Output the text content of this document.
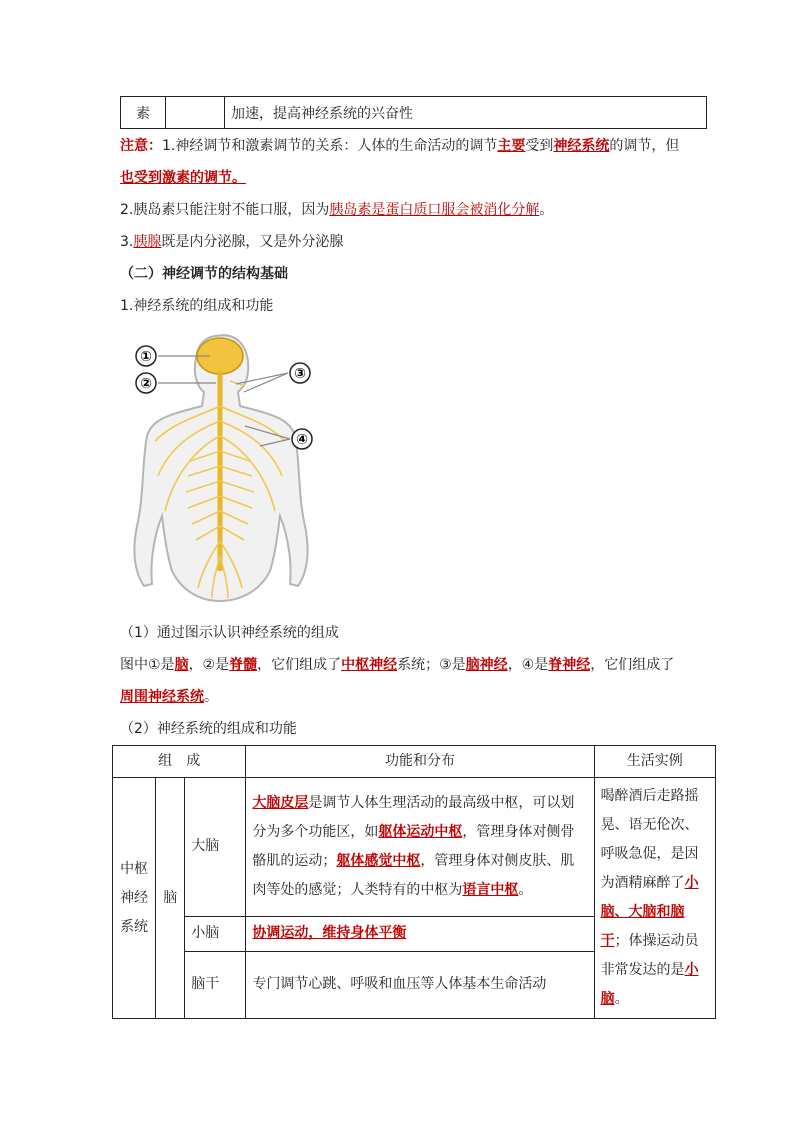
素		加速，提高神经系统的兴奋性
注意：1.神经调节和激素调节的关系：人体的生命活动的调节主要受到神经系统的调节，但
也受到激素的调节。
2.胰岛素只能注射不能口服，因为胰岛素是蛋白质口服会被消化分解。
3.胰腺既是内分泌腺，又是外分泌腺
（二）神经调节的结构基础
1.神经系统的组成和功能
①
②
③
④
（1）通过图示认识神经系统的组成
图中①是脑，②是脊髓，它们组成了中枢神经系统；③是脑神经，④是脊神经，它们组成了
周围神经系统。
（2）神经系统的组成和功能
组　成			功能和分布	生活实例
中枢神经系统	脑	大脑	大脑皮层是调节人体生理活动的最高级中枢，可以划分为多个功能区，如躯体运动中枢，管理身体对侧骨骼肌的运动；躯体感觉中枢，管理身体对侧皮肤、肌肉等处的感觉；人类特有的中枢为语言中枢。	喝醉酒后走路摇晃、语无伦次、呼吸急促，是因为酒精麻醉了小脑、大脑和脑干；体操运动员非常发达的是小脑。
		小脑	协调运动，维持身体平衡	
		脑干	专门调节心跳、呼吸和血压等人体基本生命活动	
